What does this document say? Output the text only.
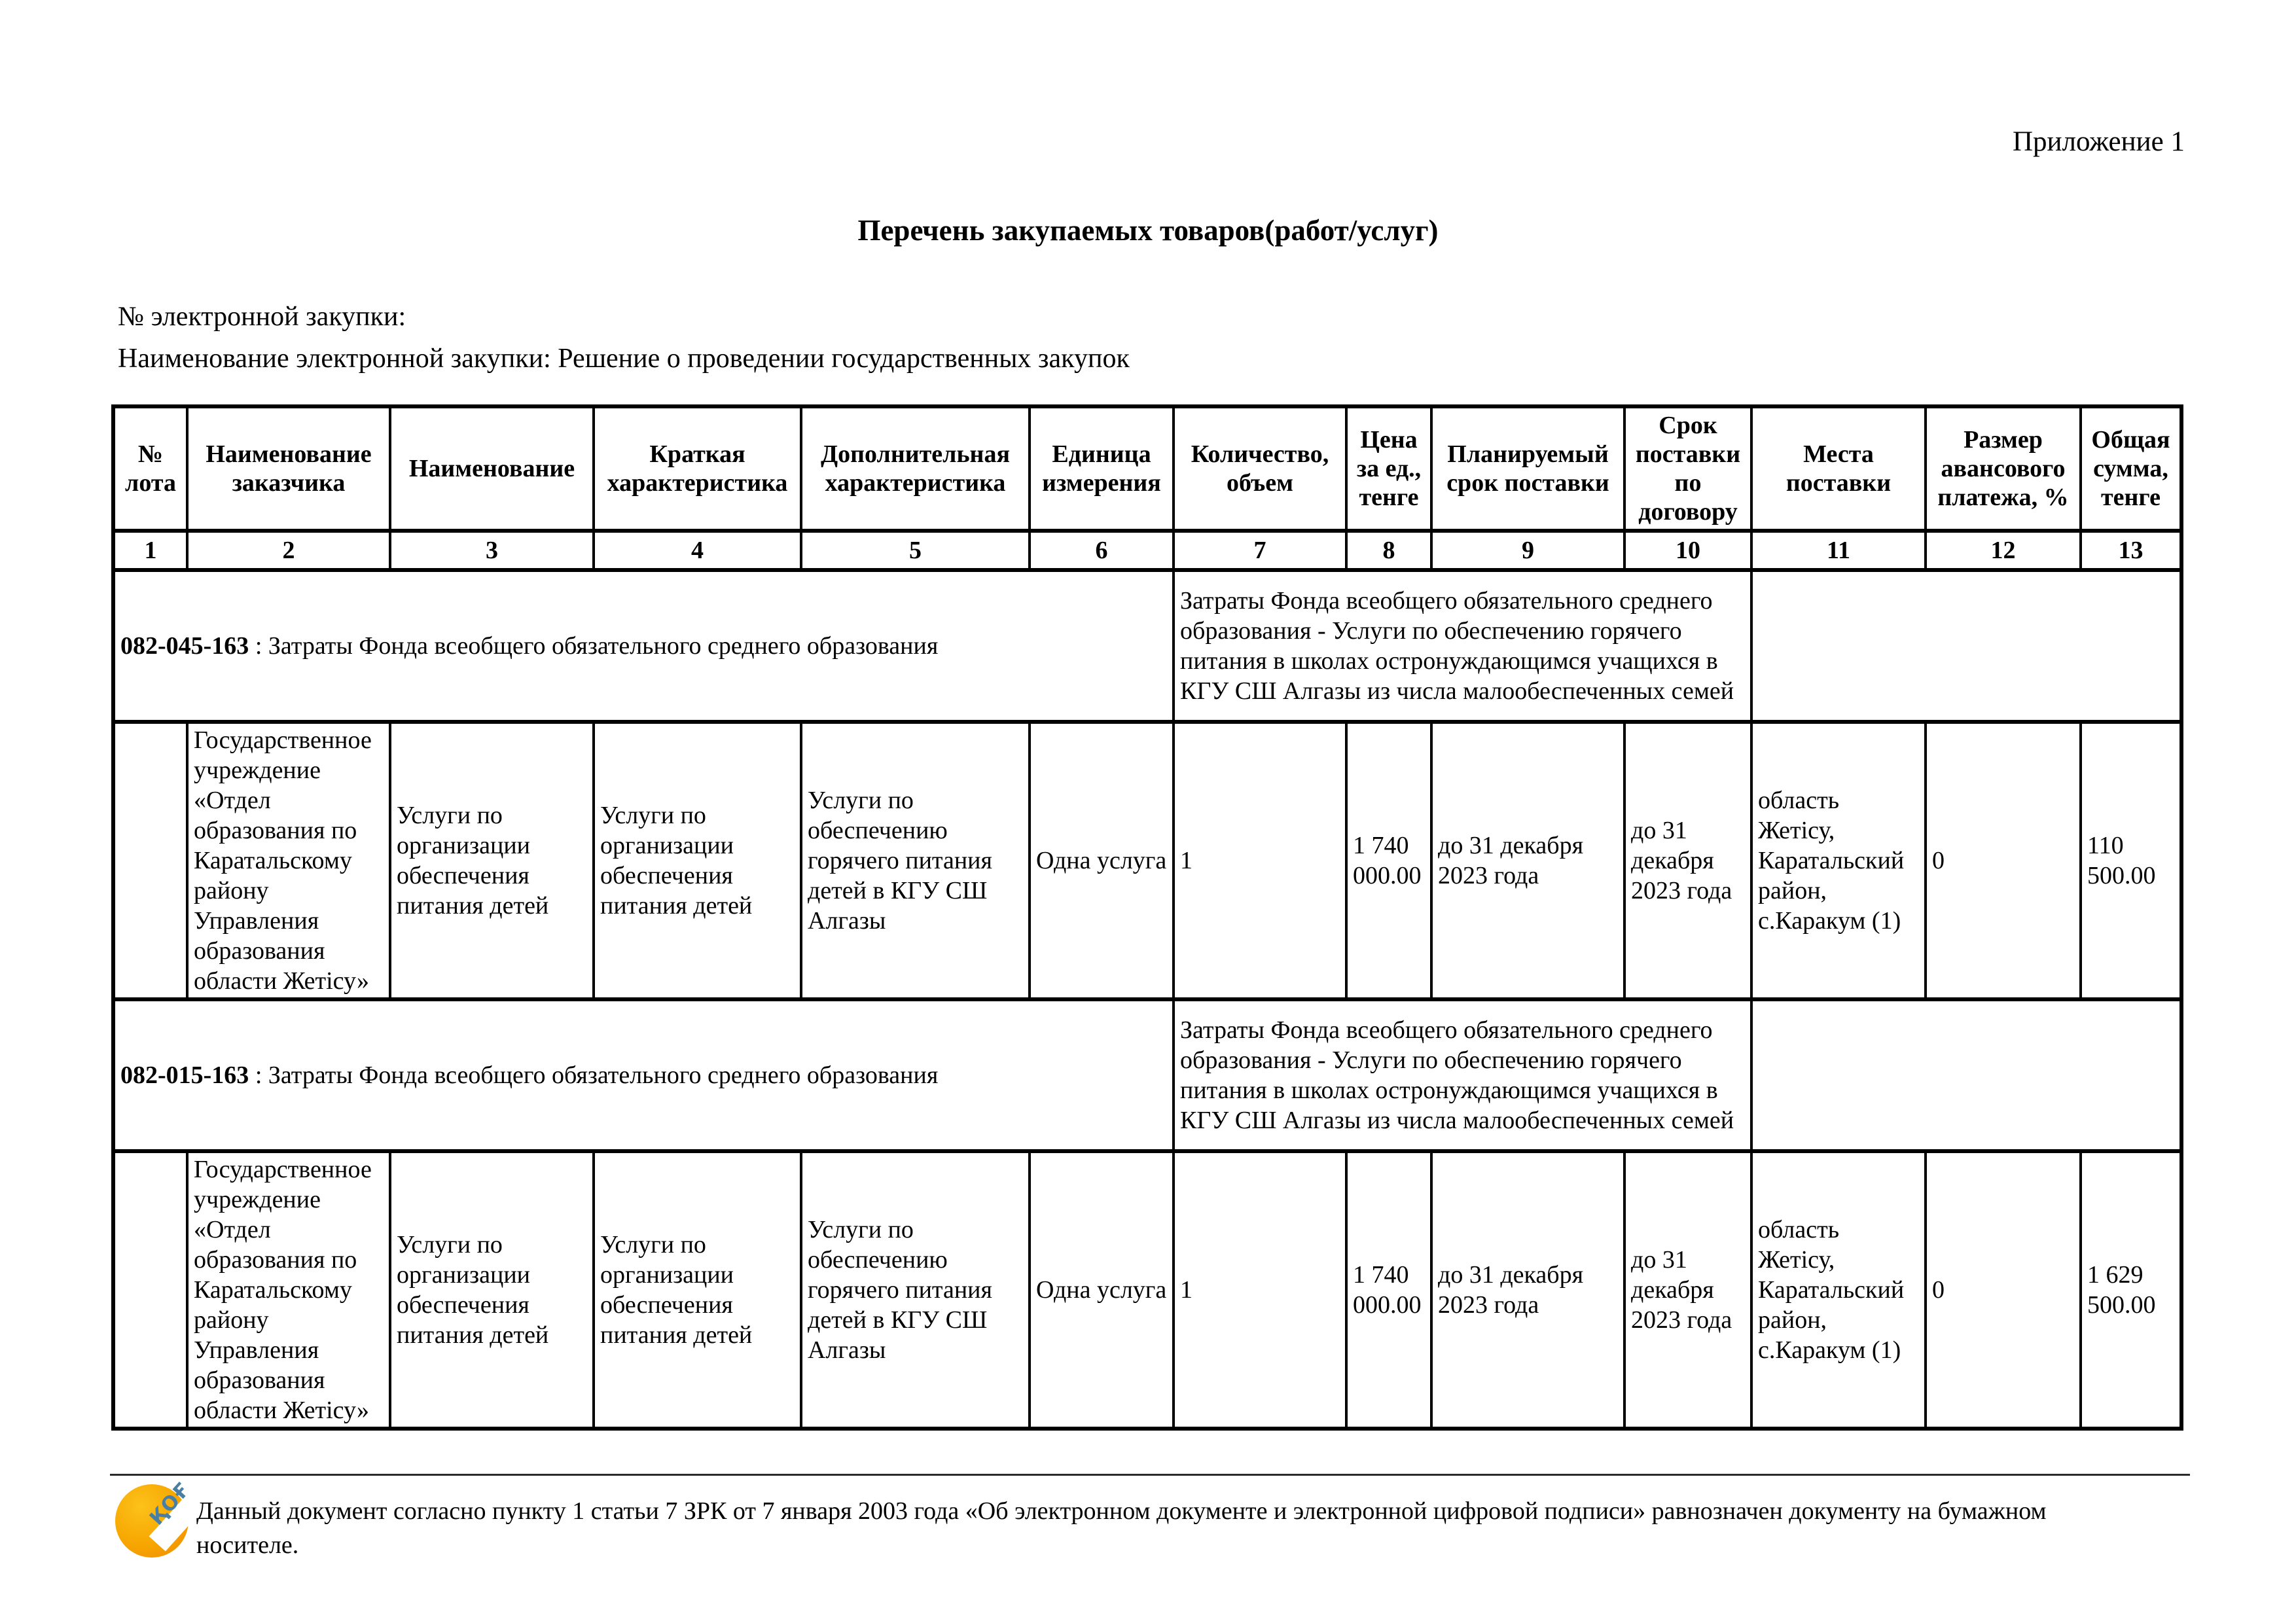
Приложение 1
Перечень закупаемых товаров(работ/услуг)
№ электронной закупки:
Наименование электронной закупки: Решение о проведении государственных закупок
№ лота	Наименование заказчика	Наименование	Краткая характеристика	Дополнительная характеристика	Единица измерения	Количество, объем	Цена за ед., тенге	Планируемый срок поставки	Срок поставки по договору	Места поставки	Размер авансового платежа, %	Общая сумма, тенге
1	2	3	4	5	6	7	8	9	10	11	12	13
082-045-163 : Затраты Фонда всеобщего обязательного среднего образования						Затраты Фонда всеобщего обязательного среднего образования - Услуги по обеспечению горячего питания в школах остронуждающимся учащихся в КГУ СШ Алгазы из числа малообеспеченных семей						
	Государственное учреждение «Отдел образования по Каратальскому району Управления образования области Жетісу»	Услуги по организации обеспечения питания детей	Услуги по организации обеспечения питания детей	Услуги по обеспечению горячего питания детей в КГУ СШ Алгазы	Одна услуга	1	1 740 000.00	до 31 декабря 2023 года	до 31 декабря 2023 года	область Жетісу, Каратальский район, с.Каракум (1)	0	110 500.00
082-015-163 : Затраты Фонда всеобщего обязательного среднего образования						Затраты Фонда всеобщего обязательного среднего образования - Услуги по обеспечению горячего питания в школах остронуждающимся учащихся в КГУ СШ Алгазы из числа малообеспеченных семей						
	Государственное учреждение «Отдел образования по Каратальскому району Управления образования области Жетісу»	Услуги по организации обеспечения питания детей	Услуги по организации обеспечения питания детей	Услуги по обеспечению горячего питания детей в КГУ СШ Алгазы	Одна услуга	1	1 740 000.00	до 31 декабря 2023 года	до 31 декабря 2023 года	область Жетісу, Каратальский район, с.Каракум (1)	0	1 629 500.00
ҚОҒ Данный документ согласно пункту 1 статьи 7 ЗРК от 7 января 2003 года «Об электронном документе и электронной цифровой подписи» равнозначен документу на бумажном носителе.
